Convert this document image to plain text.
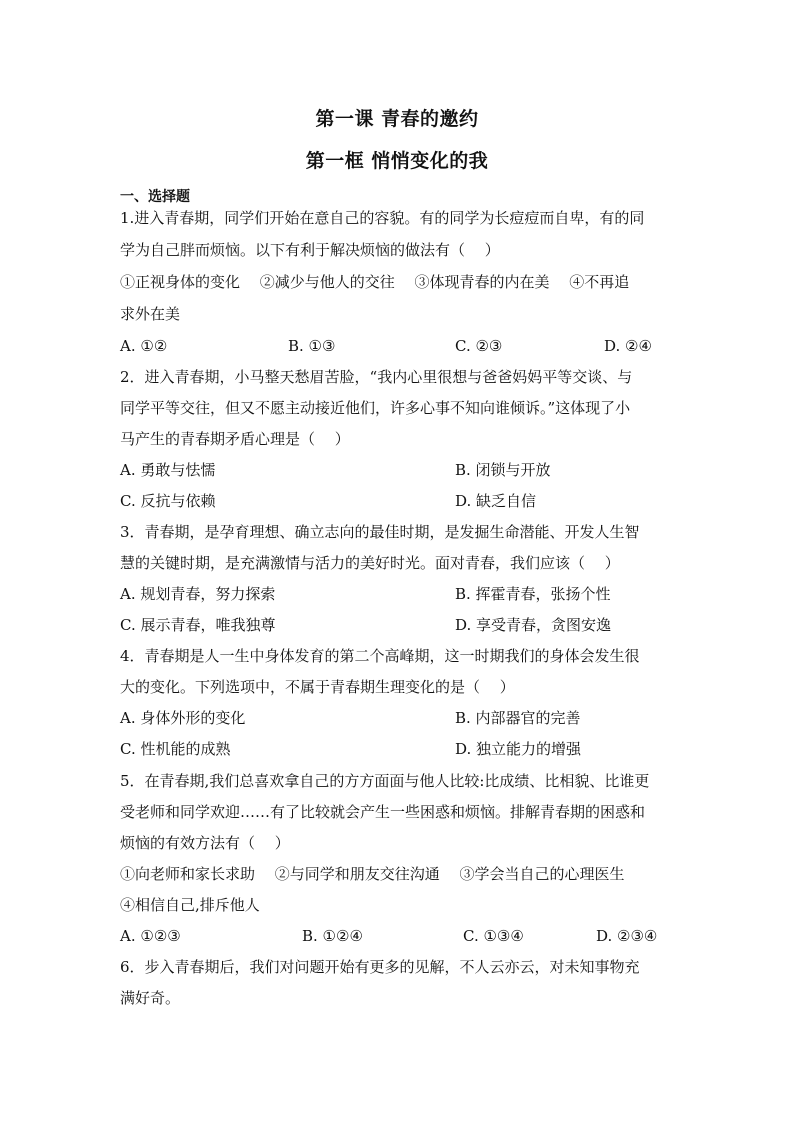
第一课 青春的邀约
第一框 悄悄变化的我
一、选择题
1.进入青春期，同学们开始在意自己的容貌。有的同学为长痘痘而自卑，有的同
学为自己胖而烦恼。以下有利于解决烦恼的做法有（　 ）
①正视身体的变化　 ②减少与他人的交往　 ③体现青春的内在美　 ④不再追
求外在美
A. ①②	B. ①③	C. ②③	D. ②④
2．进入青春期，小马整天愁眉苦脸，“我内心里很想与爸爸妈妈平等交谈、与
同学平等交往，但又不愿主动接近他们，许多心事不知向谁倾诉。”这体现了小
马产生的青春期矛盾心理是（　 ）
A. 勇敢与怯懦	B. 闭锁与开放
C. 反抗与依赖	D. 缺乏自信
3．青春期，是孕育理想、确立志向的最佳时期，是发掘生命潜能、开发人生智
慧的关键时期，是充满激情与活力的美好时光。面对青春，我们应该（　 ）
A. 规划青春，努力探索	B. 挥霍青春，张扬个性
C. 展示青春，唯我独尊	D. 享受青春，贪图安逸
4．青春期是人一生中身体发育的第二个高峰期，这一时期我们的身体会发生很
大的变化。下列选项中，不属于青春期生理变化的是（　 ）
A. 身体外形的变化	B. 内部器官的完善
C. 性机能的成熟	D. 独立能力的增强
5．在青春期,我们总喜欢拿自己的方方面面与他人比较:比成绩、比相貌、比谁更
受老师和同学欢迎……有了比较就会产生一些困惑和烦恼。排解青春期的困惑和
烦恼的有效方法有（　 ）
①向老师和家长求助　 ②与同学和朋友交往沟通　 ③学会当自己的心理医生
④相信自己,排斥他人
A. ①②③	B. ①②④	C. ①③④	D. ②③④
6．步入青春期后，我们对问题开始有更多的见解，不人云亦云，对未知事物充
满好奇。
